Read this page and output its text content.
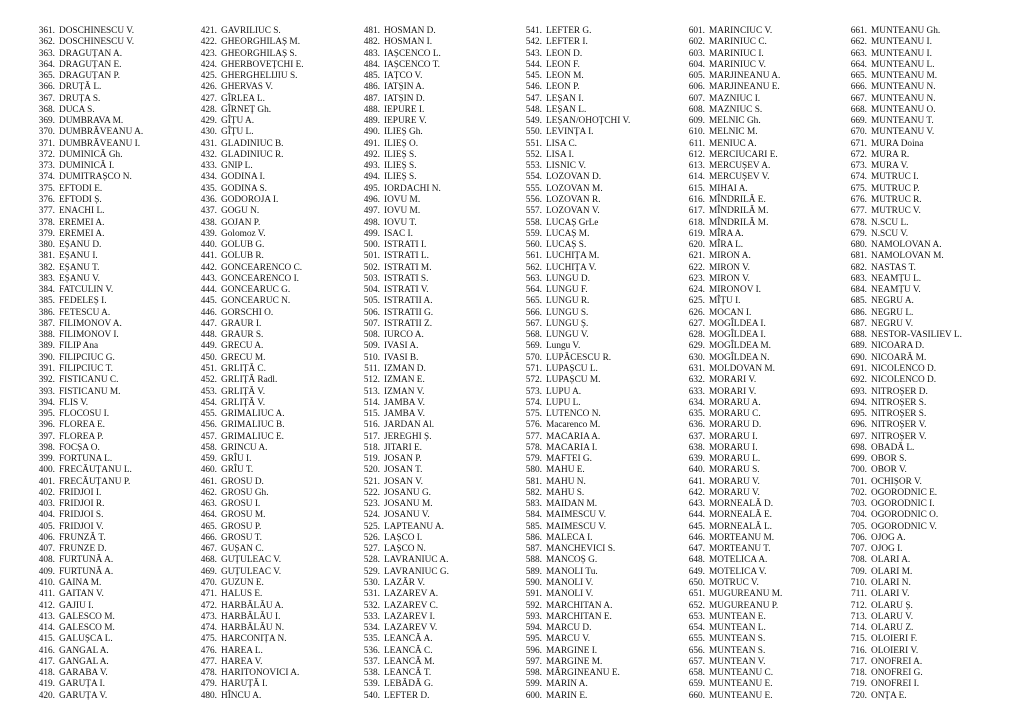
361. DOSCHINESCU V.
362. DOSCHINESCU V.
363. DRAGUȚAN A.
364. DRAGUȚAN E.
365. DRAGUȚAN P.
366. DRUȚĂ L.
367. DRUȚA S.
368. DUCA S.
369. DUMBRAVA M.
370. DUMBRĂVEANU A.
371. DUMBRĂVEANU I.
372. DUMINICĂ Gh.
373. DUMINICĂ I.
374. DUMITRAȘCO N.
375. EFTODI E.
376. EFTODI Ș.
377. ENACHI L.
378. EREMEI A.
379. EREMEI A.
380. EȘANU D.
381. EȘANU I.
382. EȘANU T.
383. EȘANU V.
384. FATCULIN V.
385. FEDELEȘ I.
386. FETESCU A.
387. FILIMONOV A.
388. FILIMONOV I.
389. FILIP Ana
390. FILIPCIUC G.
391. FILIPCIUC T.
392. FISTICANU C.
393. FISTICANU M.
394. FLIS V.
395. FLOCOSU I.
396. FLOREA E.
397. FLOREA P.
398. FOCȘA O.
399. FORTUNA L.
400. FRECĂUȚANU L.
401. FRECĂUȚANU P.
402. FRIDJOI I.
403. FRIDJOI R.
404. FRIDJOI S.
405. FRIDJOI V.
406. FRUNZĂ T.
407. FRUNZE D.
408. FURTUNĂ A.
409. FURTUNĂ A.
410. GAINA M.
411. GAITAN V.
412. GAJIU I.
413. GALESCO M.
414. GALESCO M.
415. GALUȘCA L.
416. GANGAL A.
417. GANGAL A.
418. GARABA V.
419. GARUȚA I.
420. GARUȚA V.
421. GAVRILIUC S.
422. GHEORGHILAȘ M.
423. GHEORGHILAȘ S.
424. GHERBOVEȚCHI E.
425. GHERGHELIJIU S.
426. GHERVAS V.
427. GÎRLEA L.
428. GÎRNEȚ Gh.
429. GÎȚU A.
430. GÎȚU L.
431. GLADINIUC B.
432. GLADINIUC R.
433. GNIP L.
434. GODINA I.
435. GODINA S.
436. GODOROJA I.
437. GOGU N.
438. GOJAN P.
439. Golomoz V.
440. GOLUB G.
441. GOLUB R.
442. GONCEARENCO C.
443. GONCEARENCO I.
444. GONCEARUC G.
445. GONCEARUC N.
446. GORSCHI O.
447. GRAUR I.
448. GRAUR S.
449. GRECU A.
450. GRECU M.
451. GRLIȚĂ C.
452. GRLIȚĂ Radl.
453. GRLIȚĂ V.
454. GRLIȚĂ V.
455. GRIMALIUC A.
456. GRIMALIUC B.
457. GRIMALIUC E.
458. GRINCU A.
459. GRÎU I.
460. GRÎU T.
461. GROSU D.
462. GROSU Gh.
463. GROSU I.
464. GROSU M.
465. GROSU P.
466. GROSU T.
467. GUȘAN C.
468. GUȚULEAC V.
469. GUȚULEAC V.
470. GUZUN E.
471. HALUS E.
472. HARBĂLĂU A.
473. HARBĂLĂU I.
474. HARBĂLĂU N.
475. HARCONIȚA N.
476. HAREA L.
477. HAREA V.
478. HARITONOVICI A.
479. HARUȚĂ I.
480. HÎNCU A.
481. HOSMAN D.
482. HOSMAN I.
483. IAȘCENCO L.
484. IAȘCENCO T.
485. IAȚCO V.
486. IATȘIN A.
487. IATȘIN D.
488. IEPURE I.
489. IEPURE V.
490. ILIEȘ Gh.
491. ILIEȘ O.
492. ILIEȘ S.
493. ILIEȘ S.
494. ILIEȘ S.
495. IORDACHI N.
496. IOVU M.
497. IOVU M.
498. IOVU T.
499. ISAC I.
500. ISTRATI I.
501. ISTRATI L.
502. ISTRATI M.
503. ISTRATI S.
504. ISTRATI V.
505. ISTRATII A.
506. ISTRATII G.
507. ISTRATII Z.
508. IURCO A.
509. IVASI A.
510. IVASI B.
511. IZMAN D.
512. IZMAN E.
513. IZMAN V.
514. JAMBA V.
515. JAMBA V.
516. JARDAN Al.
517. JEREGHI Ș.
518. JITARI E.
519. JOSAN P.
520. JOSAN T.
521. JOSAN V.
522. JOSANU G.
523. JOSANU M.
524. JOSANU V.
525. LAPTEANU A.
526. LAȘCO I.
527. LAȘCO N.
528. LAVRANIUC A.
529. LAVRANIUC G.
530. LAZĂR V.
531. LAZAREV A.
532. LAZAREV C.
533. LAZAREV I.
534. LAZAREV V.
535. LEANCĂ A.
536. LEANCĂ C.
537. LEANCĂ M.
538. LEANCĂ T.
539. LEBĂDĂ G.
540. LEFTER D.
541. LEFTER G.
542. LEFTER I.
543. LEON D.
544. LEON F.
545. LEON M.
546. LEON P.
547. LEȘAN I.
548. LEȘAN L.
549. LEȘAN/OHOȚCHI V.
550. LEVINȚA I.
551. LISA C.
552. LISA I.
553. LISNIC V.
554. LOZOVAN D.
555. LOZOVAN M.
556. LOZOVAN R.
557. LOZOVAN V.
558. LUCAȘ GrLe
559. LUCAȘ M.
560. LUCAȘ S.
561. LUCHIȚA M.
562. LUCHIȚA V.
563. LUNGU D.
564. LUNGU F.
565. LUNGU R.
566. LUNGU S.
567. LUNGU Ș.
568. LUNGU V.
569. Lungu V.
570. LUPĂCESCU R.
571. LUPAȘCU L.
572. LUPAȘCU M.
573. LUPU A.
574. LUPU L.
575. LUTENCO N.
576. Macarenco M.
577. MACARIA A.
578. MACARIA I.
579. MAFTEI G.
580. MAHU E.
581. MAHU N.
582. MAHU S.
583. MAIDAN M.
584. MAIMESCU V.
585. MAIMESCU V.
586. MALECA I.
587. MANCHEVICI S.
588. MANCOȘ G.
589. MANOLI Tu.
590. MANOLI V.
591. MANOLI V.
592. MARCHITAN A.
593. MARCHITAN E.
594. MARCU D.
595. MARCU V.
596. MARGINE I.
597. MARGINE M.
598. MĂRGINEANU E.
599. MARIN A.
600. MARIN E.
601. MARINCIUC V.
602. MARINIUC C.
603. MARINIUC I.
604. MARINIUC V.
605. MARJINEANU A.
606. MARJINEANU E.
607. MAZNIUC I.
608. MAZNIUC S.
609. MELNIC Gh.
610. MELNIC M.
611. MENIUC A.
612. MERCIUCARI E.
613. MERCUȘEV A.
614. MERCUȘEV V.
615. MIHAI A.
616. MÎNDRILĂ E.
617. MÎNDRILĂ M.
618. MÎNDRILĂ M.
619. MÎRA A.
620. MÎRA L.
621. MIRON A.
622. MIRON V.
623. MIRON V.
624. MIRONOV I.
625. MÎȚU I.
626. MOCAN I.
627. MOGÎLDEA I.
628. MOGÎLDEA I.
629. MOGÎLDEA M.
630. MOGÎLDEA N.
631. MOLDOVAN M.
632. MORARI V.
633. MORARI V.
634. MORARU A.
635. MORARU C.
636. MORARU D.
637. MORARU I.
638. MORARU I.
639. MORARU L.
640. MORARU S.
641. MORARU V.
642. MORARU V.
643. MORNEALĂ D.
644. MORNEALĂ E.
645. MORNEALĂ L.
646. MORTEANU M.
647. MORTEANU T.
648. MOTELICA A.
649. MOTELICA V.
650. MOTRUC V.
651. MUGUREANU M.
652. MUGUREANU P.
653. MUNTEAN E.
654. MUNTEAN L.
655. MUNTEAN S.
656. MUNTEAN S.
657. MUNTEAN V.
658. MUNTEANU C.
659. MUNTEANU E.
660. MUNTEANU E.
661. MUNTEANU Gh.
662. MUNTEANU I.
663. MUNTEANU I.
664. MUNTEANU L.
665. MUNTEANU M.
666. MUNTEANU N.
667. MUNTEANU N.
668. MUNTEANU O.
669. MUNTEANU T.
670. MUNTEANU V.
671. MURA Doina
672. MURA R.
673. MURA V.
674. MUTRUC I.
675. MUTRUC P.
676. MUTRUC R.
677. MUTRUC V.
678. N.SCU L.
679. N.SCU V.
680. NAMOLOVAN A.
681. NAMOLOVAN M.
682. NASTAS T.
683. NEAMȚU L.
684. NEAMȚU V.
685. NEGRU A.
686. NEGRU L.
687. NEGRU V.
688. NESTOR-VASILIEV L.
689. NICOARA D.
690. NICOARĂ M.
691. NICOLENCO D.
692. NICOLENCO D.
693. NITROȘER D.
694. NITROȘER S.
695. NITROȘER S.
696. NITROȘER V.
697. NITROȘER V.
698. OBADĂ L.
699. OBOR S.
700. OBOR V.
701. OCHIȘOR V.
702. OGORODNIC E.
703. OGORODNIC I.
704. OGORODNIC O.
705. OGORODNIC V.
706. OJOG A.
707. OJOG I.
708. OLARI A.
709. OLARI M.
710. OLARI N.
711. OLARI V.
712. OLARU Ș.
713. OLARU V.
714. OLARU Z.
715. OLOIERI F.
716. OLOIERI V.
717. ONOFREI A.
718. ONOFREI G.
719. ONOFREI I.
720. ONȚA E.
